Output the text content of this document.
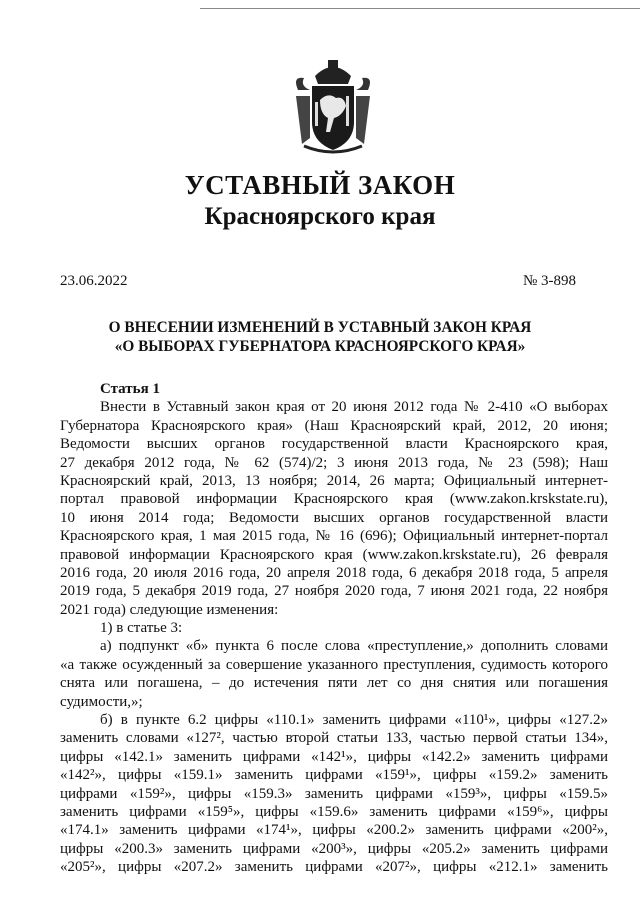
УСТАВНЫЙ ЗАКОН
Красноярского края
23.06.2022	№ 3-898
О ВНЕСЕНИИ ИЗМЕНЕНИЙ В УСТАВНЫЙ ЗАКОН КРАЯ
«О ВЫБОРАХ ГУБЕРНАТОРА КРАСНОЯРСКОГО КРАЯ»
Статья 1
Внести в Уставный закон края от 20 июня 2012 года № 2-410 «О выборах
Губернатора Красноярского края» (Наш Красноярский край, 2012, 20 июня;
Ведомости высших органов государственной власти Красноярского края,
27 декабря 2012 года, № 62 (574)/2; 3 июня 2013 года, № 23 (598); Наш
Красноярский край, 2013, 13 ноября; 2014, 26 марта; Официальный интернет-
портал правовой информации Красноярского края (www.zakon.krskstate.ru),
10 июня 2014 года; Ведомости высших органов государственной власти
Красноярского края, 1 мая 2015 года, № 16 (696); Официальный интернет-портал
правовой информации Красноярского края (www.zakon.krskstate.ru), 26 февраля
2016 года, 20 июля 2016 года, 20 апреля 2018 года, 6 декабря 2018 года, 5 апреля
2019 года, 5 декабря 2019 года, 27 ноября 2020 года, 7 июня 2021 года, 22 ноября
2021 года) следующие изменения:
1) в статье 3:
а) подпункт «б» пункта 6 после слова «преступление,» дополнить словами
«а также осужденный за совершение указанного преступления, судимость которого
снята или погашена, – до истечения пяти лет со дня снятия или погашения
судимости,»;
б) в пункте 6.2 цифры «110.1» заменить цифрами «110¹», цифры «127.2»
заменить словами «127², частью второй статьи 133, частью первой статьи 134»,
цифры «142.1» заменить цифрами «142¹», цифры «142.2» заменить цифрами
«142²», цифры «159.1» заменить цифрами «159¹», цифры «159.2» заменить
цифрами «159²», цифры «159.3» заменить цифрами «159³», цифры «159.5»
заменить цифрами «159⁵», цифры «159.6» заменить цифрами «159⁶», цифры
«174.1» заменить цифрами «174¹», цифры «200.2» заменить цифрами «200²»,
цифры «200.3» заменить цифрами «200³», цифры «205.2» заменить цифрами
«205²», цифры «207.2» заменить цифрами «207²», цифры «212.1» заменить
